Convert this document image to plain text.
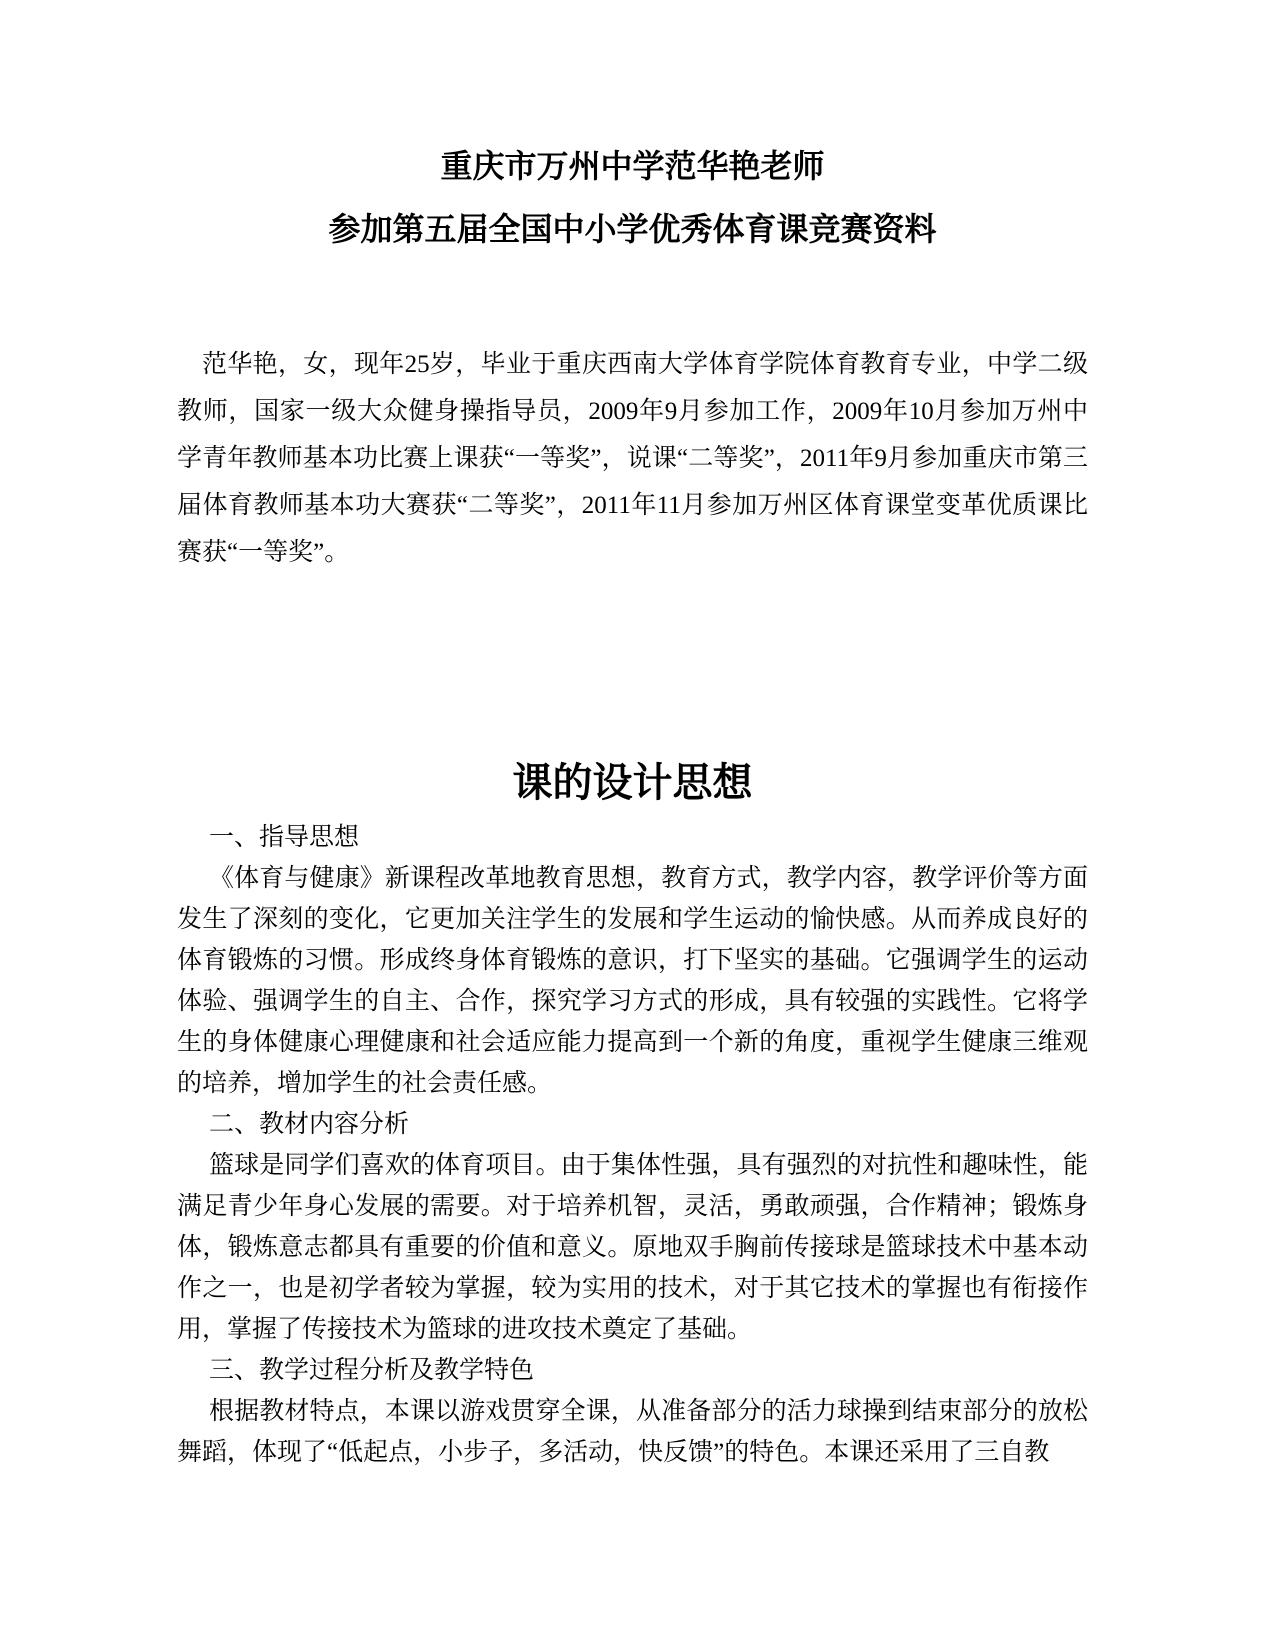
重庆市万州中学范华艳老师
参加第五届全国中小学优秀体育课竞赛资料

范华艳，女，现年25岁，毕业于重庆西南大学体育学院体育教育专业，中学二级教师，国家一级大众健身操指导员，2009年9月参加工作，2009年10月参加万州中学青年教师基本功比赛上课获“一等奖”，说课“二等奖”，2011年9月参加重庆市第三届体育教师基本功大赛获“二等奖”，2011年11月参加万州区体育课堂变革优质课比赛获“一等奖”。

课的设计思想

一、指导思想

《体育与健康》新课程改革地教育思想，教育方式，教学内容，教学评价等方面发生了深刻的变化，它更加关注学生的发展和学生运动的愉快感。从而养成良好的体育锻炼的习惯。形成终身体育锻炼的意识，打下坚实的基础。它强调学生的运动体验、强调学生的自主、合作，探究学习方式的形成，具有较强的实践性。它将学生的身体健康心理健康和社会适应能力提高到一个新的角度，重视学生健康三维观的培养，增加学生的社会责任感。

二、教材内容分析

篮球是同学们喜欢的体育项目。由于集体性强，具有强烈的对抗性和趣味性，能满足青少年身心发展的需要。对于培养机智，灵活，勇敢顽强，合作精神；锻炼身体，锻炼意志都具有重要的价值和意义。原地双手胸前传接球是篮球技术中基本动作之一，也是初学者较为掌握，较为实用的技术，对于其它技术的掌握也有衔接作用，掌握了传接技术为篮球的进攻技术奠定了基础。

三、教学过程分析及教学特色

根据教材特点，本课以游戏贯穿全课，从准备部分的活力球操到结束部分的放松舞蹈，体现了“低起点，小步子，多活动，快反馈”的特色。本课还采用了三自教
